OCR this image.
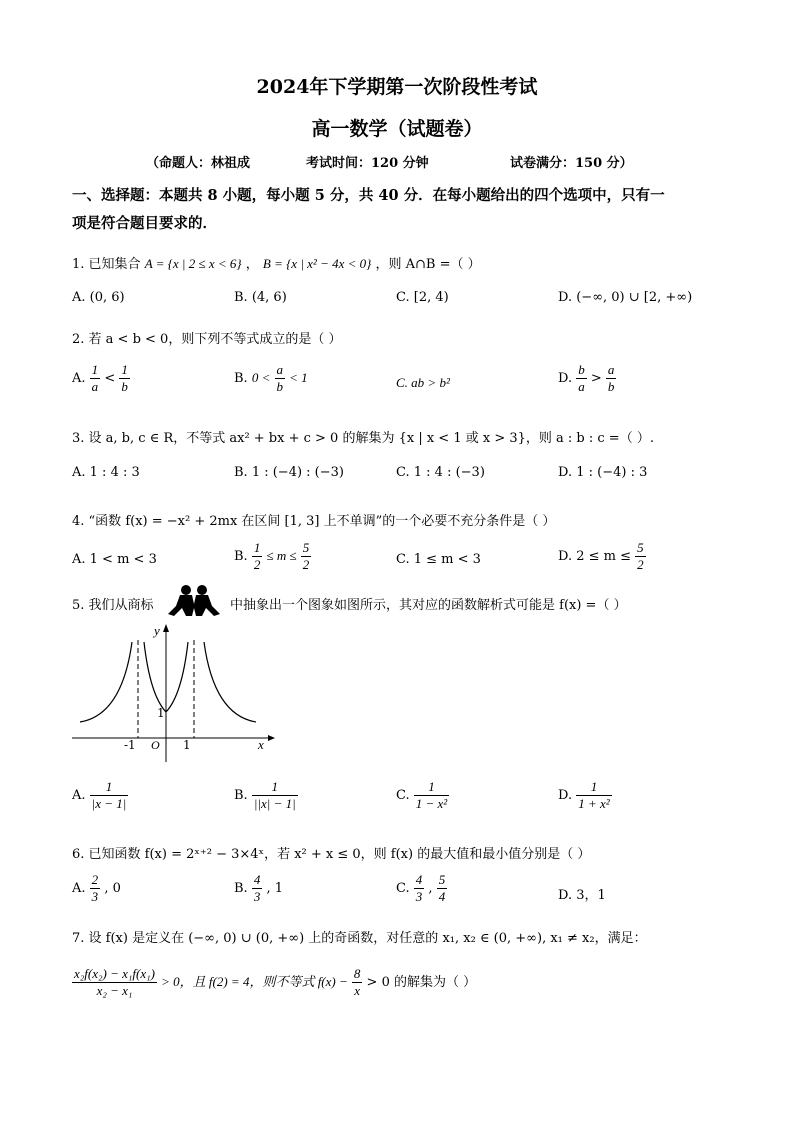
2024年下学期第一次阶段性考试
高一数学（试题卷）
（命题人：林祖成	考试时间：120 分钟	试卷满分：150 分）
一、选择题：本题共 8 小题，每小题 5 分，共 40 分．在每小题给出的四个选项中，只有一
项是符合题目要求的．
1. 已知集合 A = {x | 2 ≤ x < 6} ， B = {x | x² − 4x < 0} ，则 A∩B =（ ）
A. (0, 6)	B. (4, 6)	C. [2, 4)	D. (−∞, 0) ∪ [2, +∞)
2. 若 a < b < 0，则下列不等式成立的是（ ）
A. $\frac{1}{a} < \frac{1}{b}$	B. $0 < \frac{a}{b} < 1$	C. ab > b²	D. $\frac{b}{a} > \frac{a}{b}$
3. 设 a, b, c ∈ R，不等式 ax² + bx + c > 0 的解集为 {x | x < 1 或 x > 3}，则 a : b : c =（ ）.
A. 1 : 4 : 3	B. 1 : (−4) : (−3)	C. 1 : 4 : (−3)	D. 1 : (−4) : 3
4. “函数 f(x) = −x² + 2mx 在区间 [1, 3] 上不单调”的一个必要不充分条件是（ ）
A. 1 < m < 3	B. $\frac{1}{2} \le m \le \frac{5}{2}$	C. 1 ≤ m < 3	D. $2 \le m \le \frac{5}{2}$
5. 我们从商标	中抽象出一个图象如图所示，其对应的函数解析式可能是 f(x) =（ ）
y
x
1
-1 O 1
A. $\frac{1}{|x - 1|}$	B. $\frac{1}{||x| - 1|}$	C. $\frac{1}{\text{1 − x²}}$	D. $\frac{1}{\text{1 + x²}}$
6. 已知函数 f(x) = 2ˣ⁺² − 3×4ˣ，若 x² + x ≤ 0，则 f(x) 的最大值和最小值分别是（ ）
A. $\frac{2}{3}$ , 0	B. $\frac{4}{3}$ , 1	C. $\frac{4}{3}$ , $\frac{5}{4}$	D. 3，1
7. 设 f(x) 是定义在 (−∞, 0) ∪ (0, +∞) 上的奇函数，对任意的 x₁, x₂ ∈ (0, +∞), x₁ ≠ x₂，满足：
$\frac{\text{x₂f(x₂) − x₁f(x₁)}}{\text{x₂ − x₁}} > 0$，且 f(2) = 4，则不等式 $f(x) - \frac{8}{x} > 0$ 的解集为（ ）
